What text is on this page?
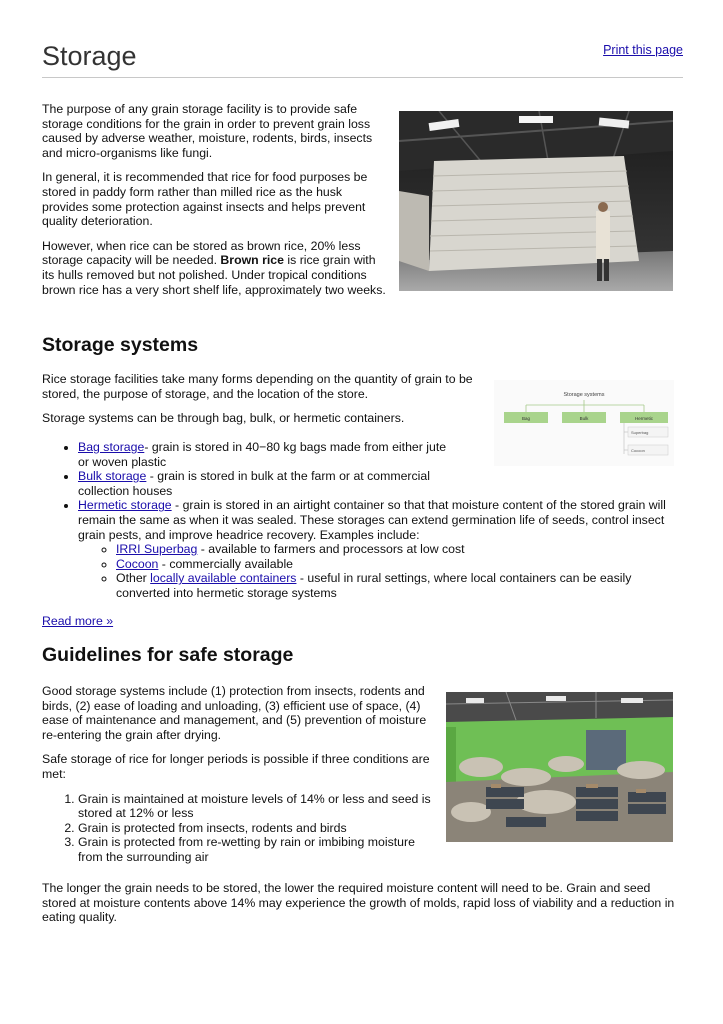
Print this page
Storage

The purpose of any grain storage facility is to provide safe storage conditions for the grain in order to prevent grain loss caused by adverse weather, moisture, rodents, birds, insects and micro-organisms like fungi.

In general, it is recommended that rice for food purposes be stored in paddy form rather than milled rice as the husk provides some protection against insects and helps prevent quality deterioration.

However, when rice can be stored as brown rice, 20% less storage capacity will be needed. Brown rice is rice grain with its hulls removed but not polished. Under tropical conditions brown rice has a very short shelf life, approximately two weeks.

Storage systems

Rice storage facilities take many forms depending on the quantity of grain to be stored, the purpose of storage, and the location of the store.

Storage systems can be through bag, bulk, or hermetic containers.

Storage systems
Bag	Bulk	Hermetic
Superbag
Cocoon
• Bag storage- grain is stored in 40−80 kg bags made from either jute or woven plastic
• Bulk storage - grain is stored in bulk at the farm or at commercial collection houses
• Hermetic storage - grain is stored in an airtight container so that that moisture content of the stored grain will remain the same as when it was sealed. These storages can extend germination life of seeds, control insect grain pests, and improve headrice recovery. Examples include:
◦ IRRI Superbag - available to farmers and processors at low cost
◦ Cocoon - commercially available
◦ Other locally available containers - useful in rural settings, where local containers can be easily converted into hermetic storage systems

Read more »

Guidelines for safe storage

Good storage systems include (1) protection from insects, rodents and birds, (2) ease of loading and unloading, (3) efficient use of space, (4) ease of maintenance and management, and (5) prevention of moisture re-entering the grain after drying.

Safe storage of rice for longer periods is possible if three conditions are met:

1. Grain is maintained at moisture levels of 14% or less and seed is stored at 12% or less
2. Grain is protected from insects, rodents and birds
3. Grain is protected from re-wetting by rain or imbibing moisture from the surrounding air

The longer the grain needs to be stored, the lower the required moisture content will need to be. Grain and seed stored at moisture contents above 14% may experience the growth of molds, rapid loss of viability and a reduction in eating quality.
